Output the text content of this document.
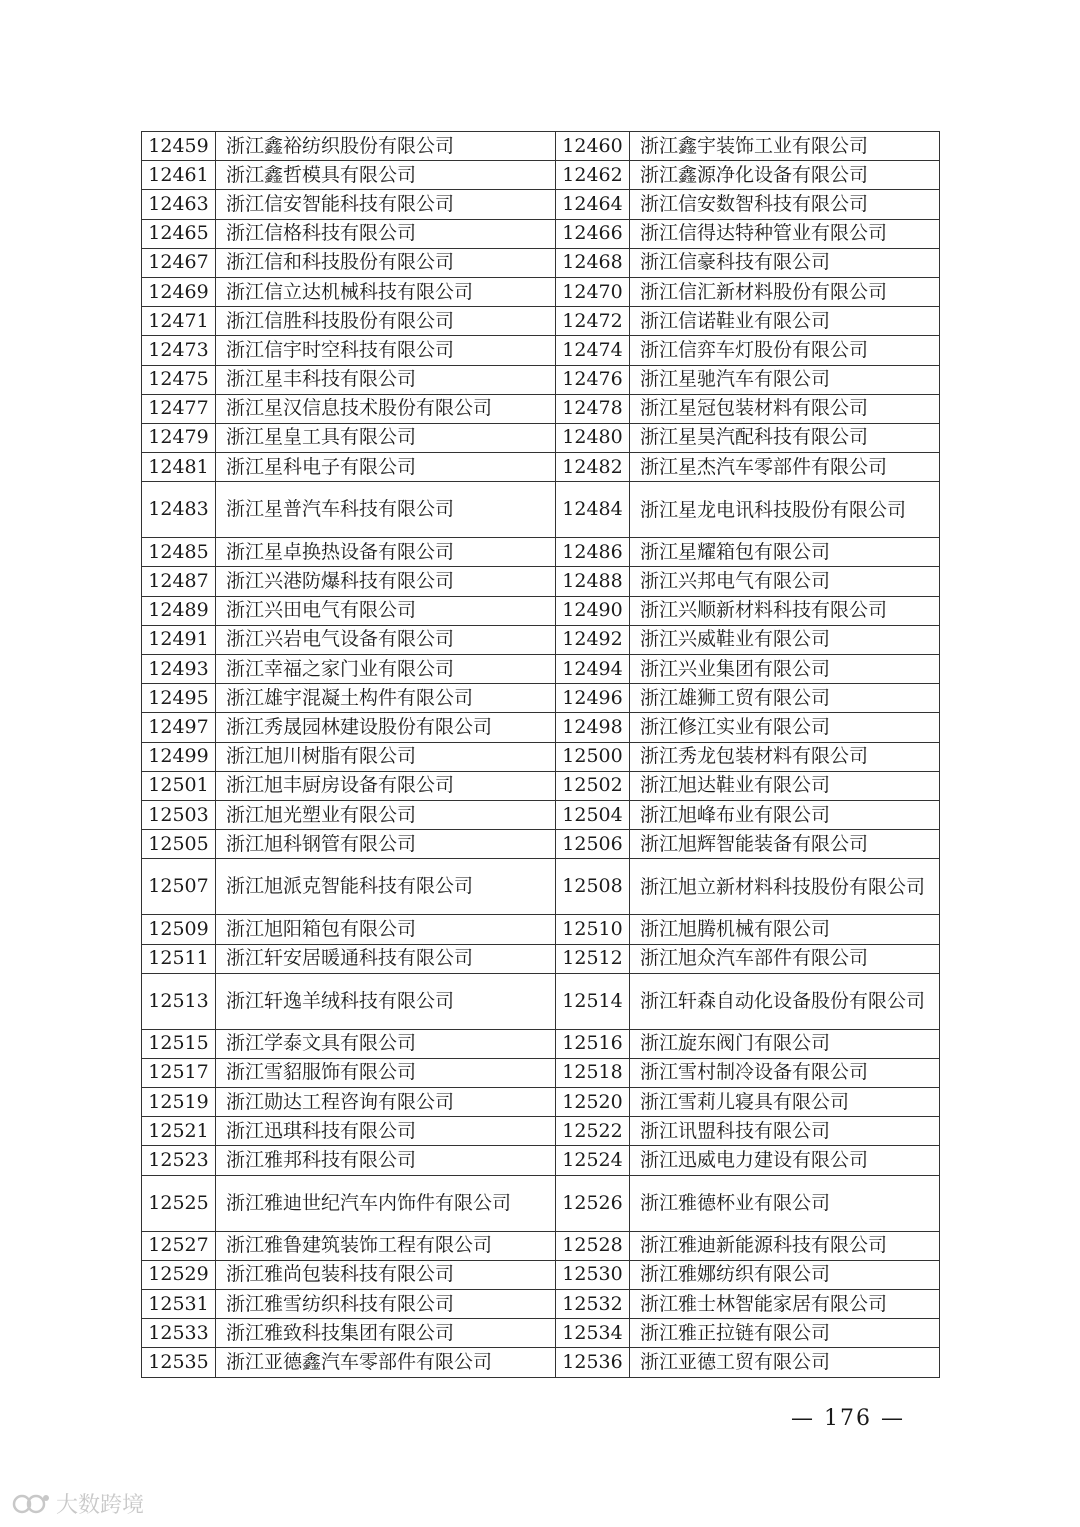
12459	浙江鑫裕纺织股份有限公司	12460	浙江鑫宇装饰工业有限公司
12461	浙江鑫哲模具有限公司	12462	浙江鑫源净化设备有限公司
12463	浙江信安智能科技有限公司	12464	浙江信安数智科技有限公司
12465	浙江信格科技有限公司	12466	浙江信得达特种管业有限公司
12467	浙江信和科技股份有限公司	12468	浙江信豪科技有限公司
12469	浙江信立达机械科技有限公司	12470	浙江信汇新材料股份有限公司
12471	浙江信胜科技股份有限公司	12472	浙江信诺鞋业有限公司
12473	浙江信宇时空科技有限公司	12474	浙江信弈车灯股份有限公司
12475	浙江星丰科技有限公司	12476	浙江星驰汽车有限公司
12477	浙江星汉信息技术股份有限公司	12478	浙江星冠包装材料有限公司
12479	浙江星皇工具有限公司	12480	浙江星昊汽配科技有限公司
12481	浙江星科电子有限公司	12482	浙江星杰汽车零部件有限公司
12483	浙江星普汽车科技有限公司	12484	浙江星龙电讯科技股份有限公司
12485	浙江星卓换热设备有限公司	12486	浙江星耀箱包有限公司
12487	浙江兴港防爆科技有限公司	12488	浙江兴邦电气有限公司
12489	浙江兴田电气有限公司	12490	浙江兴顺新材料科技有限公司
12491	浙江兴岩电气设备有限公司	12492	浙江兴威鞋业有限公司
12493	浙江幸福之家门业有限公司	12494	浙江兴业集团有限公司
12495	浙江雄宇混凝土构件有限公司	12496	浙江雄狮工贸有限公司
12497	浙江秀晟园林建设股份有限公司	12498	浙江修江实业有限公司
12499	浙江旭川树脂有限公司	12500	浙江秀龙包装材料有限公司
12501	浙江旭丰厨房设备有限公司	12502	浙江旭达鞋业有限公司
12503	浙江旭光塑业有限公司	12504	浙江旭峰布业有限公司
12505	浙江旭科钢管有限公司	12506	浙江旭辉智能装备有限公司
12507	浙江旭派克智能科技有限公司	12508	浙江旭立新材料科技股份有限公司
12509	浙江旭阳箱包有限公司	12510	浙江旭腾机械有限公司
12511	浙江轩安居暖通科技有限公司	12512	浙江旭众汽车部件有限公司
12513	浙江轩逸羊绒科技有限公司	12514	浙江轩森自动化设备股份有限公司
12515	浙江学泰文具有限公司	12516	浙江旋东阀门有限公司
12517	浙江雪貂服饰有限公司	12518	浙江雪村制冷设备有限公司
12519	浙江勋达工程咨询有限公司	12520	浙江雪莉儿寝具有限公司
12521	浙江迅琪科技有限公司	12522	浙江讯盟科技有限公司
12523	浙江雅邦科技有限公司	12524	浙江迅威电力建设有限公司
12525	浙江雅迪世纪汽车内饰件有限公司	12526	浙江雅德杯业有限公司
12527	浙江雅鲁建筑装饰工程有限公司	12528	浙江雅迪新能源科技有限公司
12529	浙江雅尚包装科技有限公司	12530	浙江雅娜纺织有限公司
12531	浙江雅雪纺织科技有限公司	12532	浙江雅士林智能家居有限公司
12533	浙江雅致科技集团有限公司	12534	浙江雅正拉链有限公司
12535	浙江亚德鑫汽车零部件有限公司	12536	浙江亚德工贸有限公司
— 176 —
大数跨境
